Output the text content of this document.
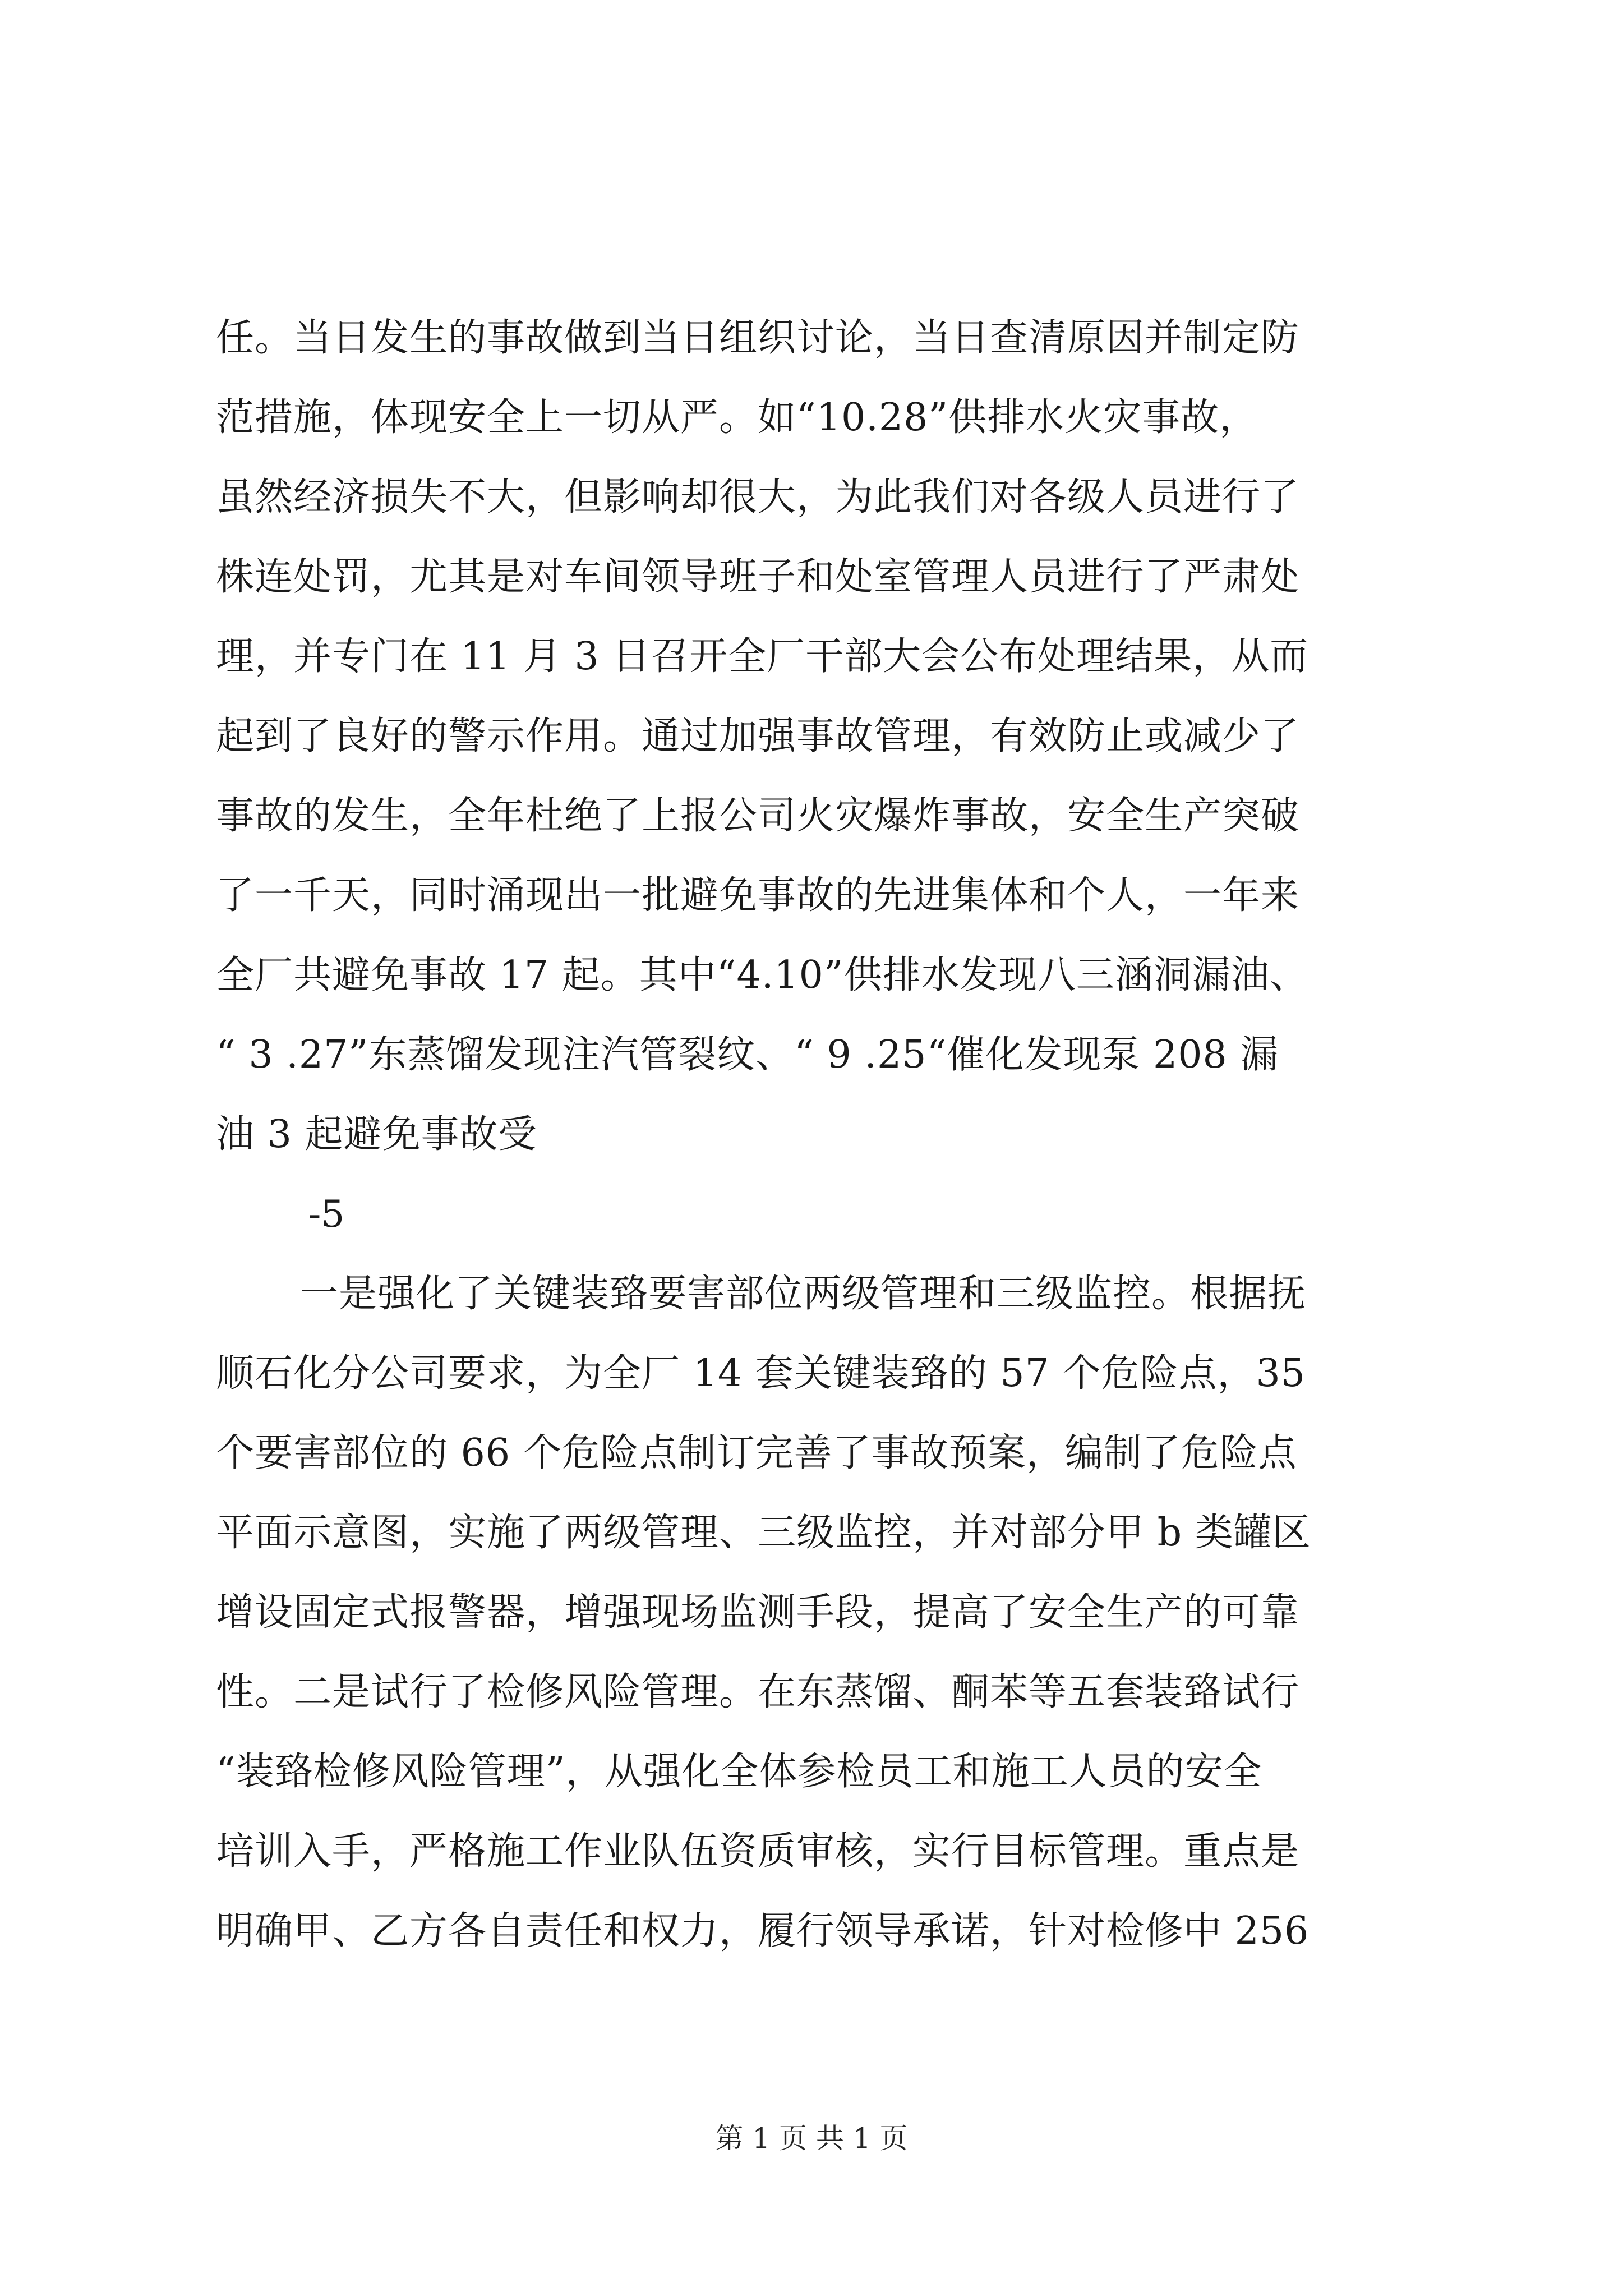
任。当日发生的事故做到当日组织讨论，当日查清原因并制定防
范措施，体现安全上一切从严。如“10.28”供排水火灾事故，
虽然经济损失不大，但影响却很大，为此我们对各级人员进行了
株连处罚，尤其是对车间领导班子和处室管理人员进行了严肃处
理，并专门在 11 月 3 日召开全厂干部大会公布处理结果，从而
起到了良好的警示作用。通过加强事故管理，有效防止或减少了
事故的发生，全年杜绝了上报公司火灾爆炸事故，安全生产突破
了一千天，同时涌现出一批避免事故的先进集体和个人，一年来
全厂共避免事故 17 起。其中“4.10”供排水发现八三涵洞漏油、
“ 3 .27”东蒸馏发现注汽管裂纹、“ 9 .25“催化发现泵 208 漏
油 3 起避免事故受
-5
一是强化了关键装臵要害部位两级管理和三级监控。根据抚
顺石化分公司要求，为全厂 14 套关键装臵的 57 个危险点，35
个要害部位的 66 个危险点制订完善了事故预案，编制了危险点
平面示意图，实施了两级管理、三级监控，并对部分甲 b 类罐区
增设固定式报警器，增强现场监测手段，提高了安全生产的可靠
性。二是试行了检修风险管理。在东蒸馏、酮苯等五套装臵试行
“装臵检修风险管理”，从强化全体参检员工和施工人员的安全
培训入手，严格施工作业队伍资质审核，实行目标管理。重点是
明确甲、乙方各自责任和权力，履行领导承诺，针对检修中 256
第 1 页 共 1 页
